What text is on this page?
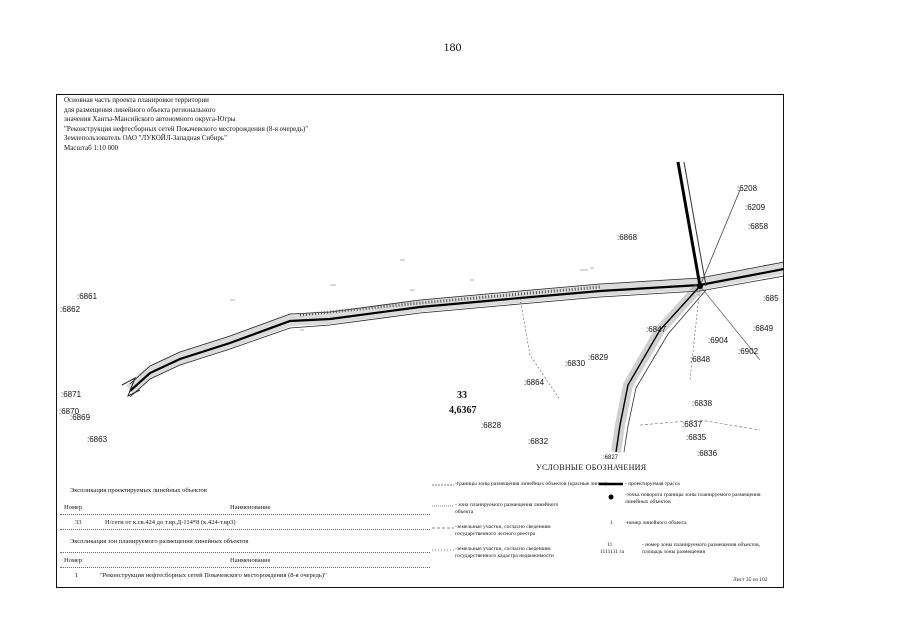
180
Основная часть проекта планировки территории
для размещения линейного объекта регионального
значения Ханты-Мансийского автономного округа-Югры
"Реконструкция нефтесборных сетей Покачевского месторождения (8-я очередь)"
Землепользователь ОАО "ЛУКОЙЛ-Западная Сибирь"
Масштаб 1:10 000
:6208
:6209
:6858
:6868
:6861
:6862
:685
:6849
:6847
:6904
:6902
:6848
:6829
:6830
:6864
:6838
:6871
:6870
:6869
:6863
:6828
:6832
:6837
:6835
:6836
:6827
33
4,6367
УСЛОВНЫЕ ОБОЗНАЧЕНИЯ
-границы зоны размещения линейных объектов (красные линии)
- зона планируемого размещения линейного объекта
-земельные участки, согласно сведениям государственного лесного реестра
-земельные участки, согласно сведениям государственного кадастра недвижимости
- проектируемая трасса
-точка поворота границы зоны планируемого размещения линейных объектов
1 -номер линейного объекта
11
1111111 га
- номер зоны планируемого размещения объектов, площадь зоны размещения
Экспликация проектируемых линейных объектов
Номер	Наименование
33	Н/сети от к.св.424 до т.вр.Д-114*8 (к.424-т.вр3)
Экспликация зон планируемого размещения линейных объектов
Номер	Наименование
1	"Реконструкция нефтесборных сетей Покачевского месторождения (8-я очередь)"
Лист 35 из 102
